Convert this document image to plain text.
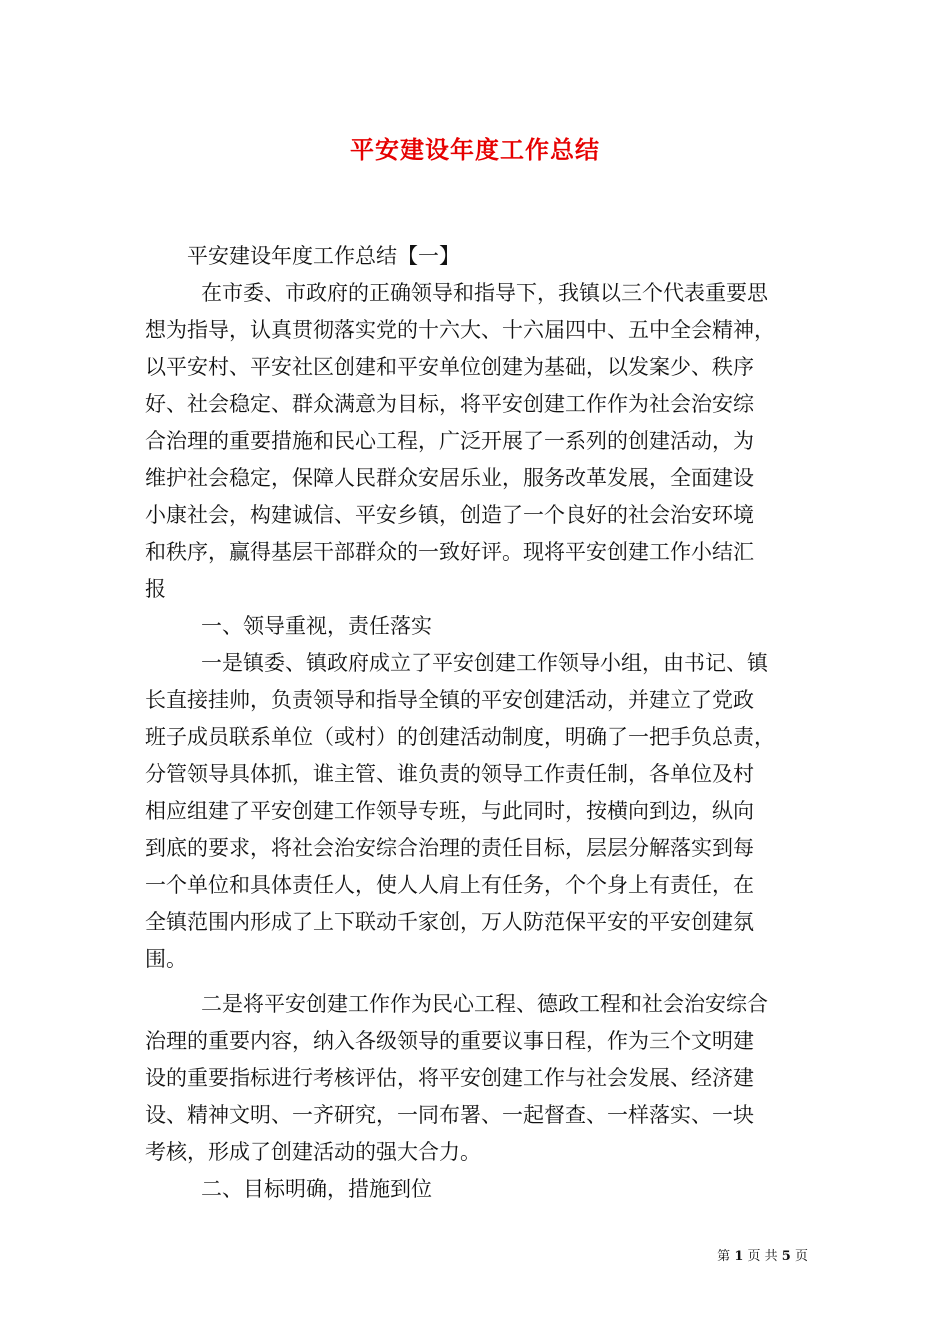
平安建设年度工作总结
平安建设年度工作总结【一】
在市委、市政府的正确领导和指导下，我镇以三个代表重要思
想为指导，认真贯彻落实党的十六大、十六届四中、五中全会精神，
以平安村、平安社区创建和平安单位创建为基础，以发案少、秩序
好、社会稳定、群众满意为目标，将平安创建工作作为社会治安综
合治理的重要措施和民心工程，广泛开展了一系列的创建活动，为
维护社会稳定，保障人民群众安居乐业，服务改革发展，全面建设
小康社会，构建诚信、平安乡镇，创造了一个良好的社会治安环境
和秩序，赢得基层干部群众的一致好评。现将平安创建工作小结汇
报
一、领导重视，责任落实
一是镇委、镇政府成立了平安创建工作领导小组，由书记、镇
长直接挂帅，负责领导和指导全镇的平安创建活动，并建立了党政
班子成员联系单位（或村）的创建活动制度，明确了一把手负总责，
分管领导具体抓，谁主管、谁负责的领导工作责任制，各单位及村
相应组建了平安创建工作领导专班，与此同时，按横向到边，纵向
到底的要求，将社会治安综合治理的责任目标，层层分解落实到每
一个单位和具体责任人，使人人肩上有任务，个个身上有责任，在
全镇范围内形成了上下联动千家创，万人防范保平安的平安创建氛
围。
二是将平安创建工作作为民心工程、德政工程和社会治安综合
治理的重要内容，纳入各级领导的重要议事日程，作为三个文明建
设的重要指标进行考核评估，将平安创建工作与社会发展、经济建
设、精神文明、一齐研究，一同布署、一起督查、一样落实、一块
考核，形成了创建活动的强大合力。
二、目标明确，措施到位
第 1 页 共 5 页
